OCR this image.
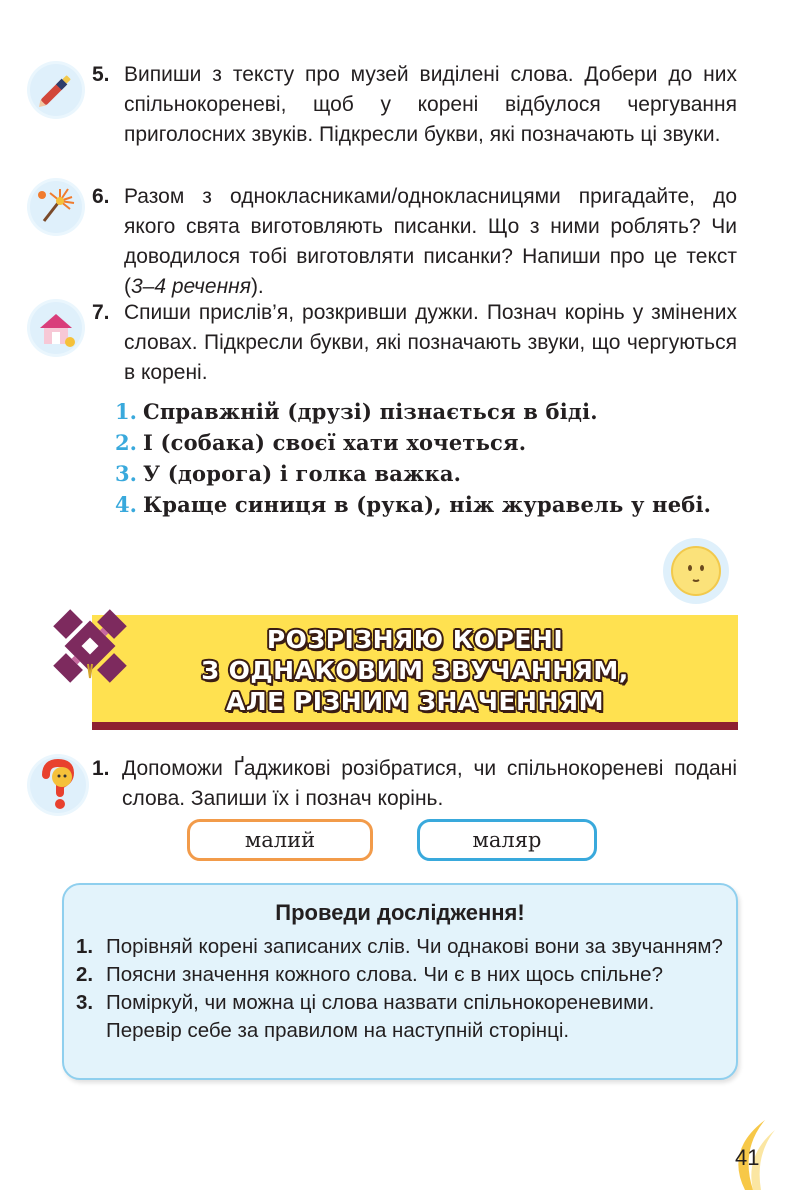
5. Випиши з тексту про музей виділені слова. Добери до них спільнокореневі, щоб у корені відбулося чергування приголосних звуків. Підкресли букви, які позначають ці звуки.
6. Разом з однокласниками/однокласницями пригадайте, до якого свята виготовляють писанки. Що з ними роблять? Чи доводилося тобі виготовляти писанки? Напиши про це текст (3–4 речення).
7. Спиши прислів’я, розкривши дужки. Познач корінь у змінених словах. Підкресли букви, які позначають звуки, що чергуються в корені.
1. Справжній (друзі) пізнається в біді.
2. І (собака) своєї хати хочеться.
3. У (дорога) і голка важка.
4. Краще синиця в (рука), ніж журавель у небі.
РОЗРІЗНЯЮ КОРЕНІ
З ОДНАКОВИМ ЗВУЧАННЯМ,
АЛЕ РІЗНИМ ЗНАЧЕННЯМ
1. Допоможи Ґаджикові розібратися, чи спільнокореневі подані слова. Запиши їх і познач корінь.
малий	маляр
Проведи дослідження!
1. Порівняй корені записаних слів. Чи однакові вони за звучанням?
2. Поясни значення кожного слова. Чи є в них щось спільне?
3. Поміркуй, чи можна ці слова назвати спільнокореневими. Перевір себе за правилом на наступній сторінці.
41
